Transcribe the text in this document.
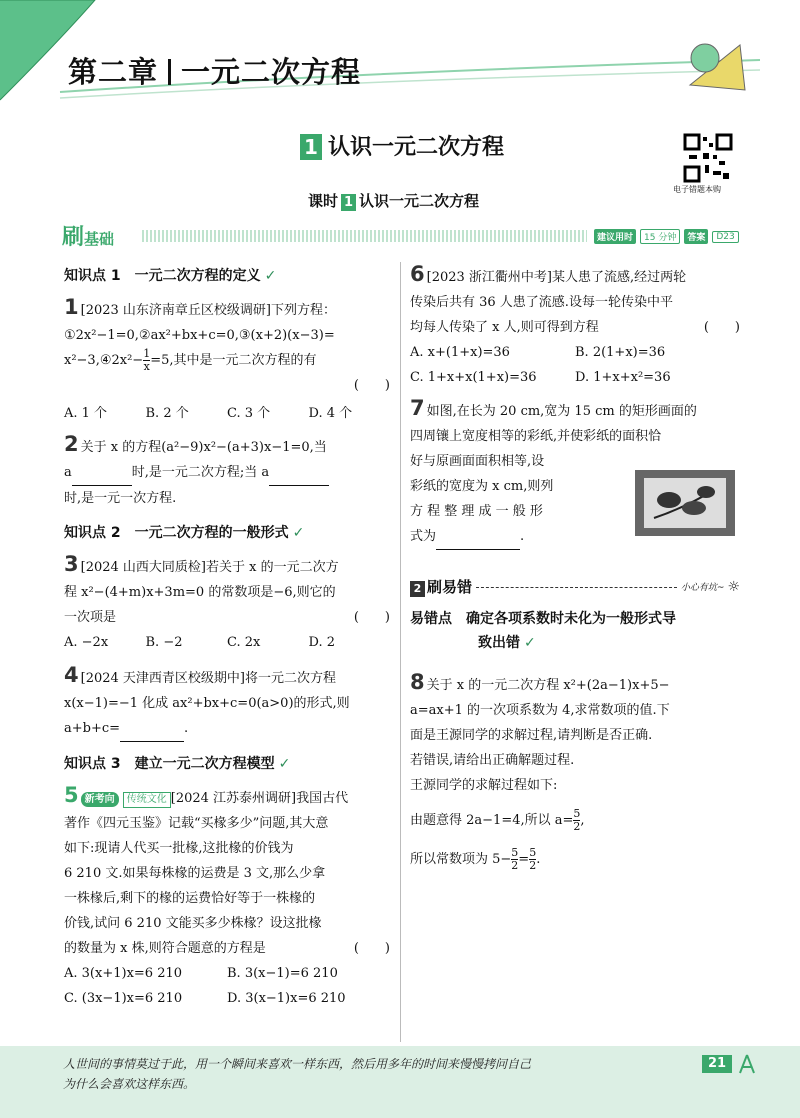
第二章 一元二次方程
1 认识一元二次方程
电子错题本购
课时 1 认识一元二次方程
刷基础	建议用时	15 分钟	答案	D23
知识点 1　一元二次方程的定义 ✓
1 [2023 山东济南章丘区校级调研]下列方程：
①2x²−1=0,②ax²+bx+c=0,③(x+2)(x−3)=
x²−3,④2x²− $\frac{1}{x} =5$,其中是一元二次方程的有
(　　)
A. 1 个	B. 2 个	C. 3 个	D. 4 个
2 关于 x 的方程(a²−9)x²−(a+3)x−1=0,当
a	时,是一元二次方程;当 a
时,是一元一次方程.
知识点 2　一元二次方程的一般形式 ✓
3 [2024 山西大同质检]若关于 x 的一元二次方
程 x²−(4+m)x+3m=0 的常数项是−6,则它的
一次项是	(　　)
A. −2x	B. −2	C. 2x	D. 2
4 [2024 天津西青区校级期中]将一元二次方程
x(x−1)=−1 化成 ax²+bx+c=0(a>0)的形式,则
a+b+c=	.
知识点 3　建立一元二次方程模型 ✓
5 新考向 传统文化 [2024 江苏泰州调研]我国古代
著作《四元玉鉴》记载“买椽多少”问题,其大意
如下:现请人代买一批椽,这批椽的价钱为
6 210 文.如果每株椽的运费是 3 文,那么少拿
一株椽后,剩下的椽的运费恰好等于一株椽的
价钱,试问 6 210 文能买多少株椽？设这批椽
的数量为 x 株,则符合题意的方程是	(　　)
A. 3(x+1)x=6 210	B. 3(x−1)=6 210
C. (3x−1)x=6 210	D. 3(x−1)x=6 210
6 [2023 浙江衢州中考]某人患了流感,经过两轮
传染后共有 36 人患了流感.设每一轮传染中平
均每人传染了 x 人,则可得到方程	(　　)
A. x+(1+x)=36	B. 2(1+x)=36
C. 1+x+x(1+x)=36	D. 1+x+x²=36
7 如图,在长为 20 cm,宽为 15 cm 的矩形画面的
四周镶上宽度相等的彩纸,并使彩纸的面积恰
好与原画面面积相等,设
彩纸的宽度为 x cm,则列
方 程 整 理 成 一 般 形
式为	.
8 关于 x 的一元二次方程 x²+(2a−1)x+5−
a=ax+1 的一次项系数为 4,求常数项的值.下
面是王源同学的求解过程,请判断是否正确.
若错误,请给出正确解题过程.
王源同学的求解过程如下:
由题意得 2a−1=4,所以 $a= \frac{5}{2}$ ,
所以常数项为 $5- \frac{5}{2} = \frac{5}{2}$ .
2 刷易错	小心有坑~ ☼
易错点　 确定各项系数时未化为一般形式导
致出错 ✓
人世间的事情莫过于此，用一个瞬间来喜欢一样东西，然后用多年的时间来慢慢拷问自己
为什么会喜欢这样东西。
21
